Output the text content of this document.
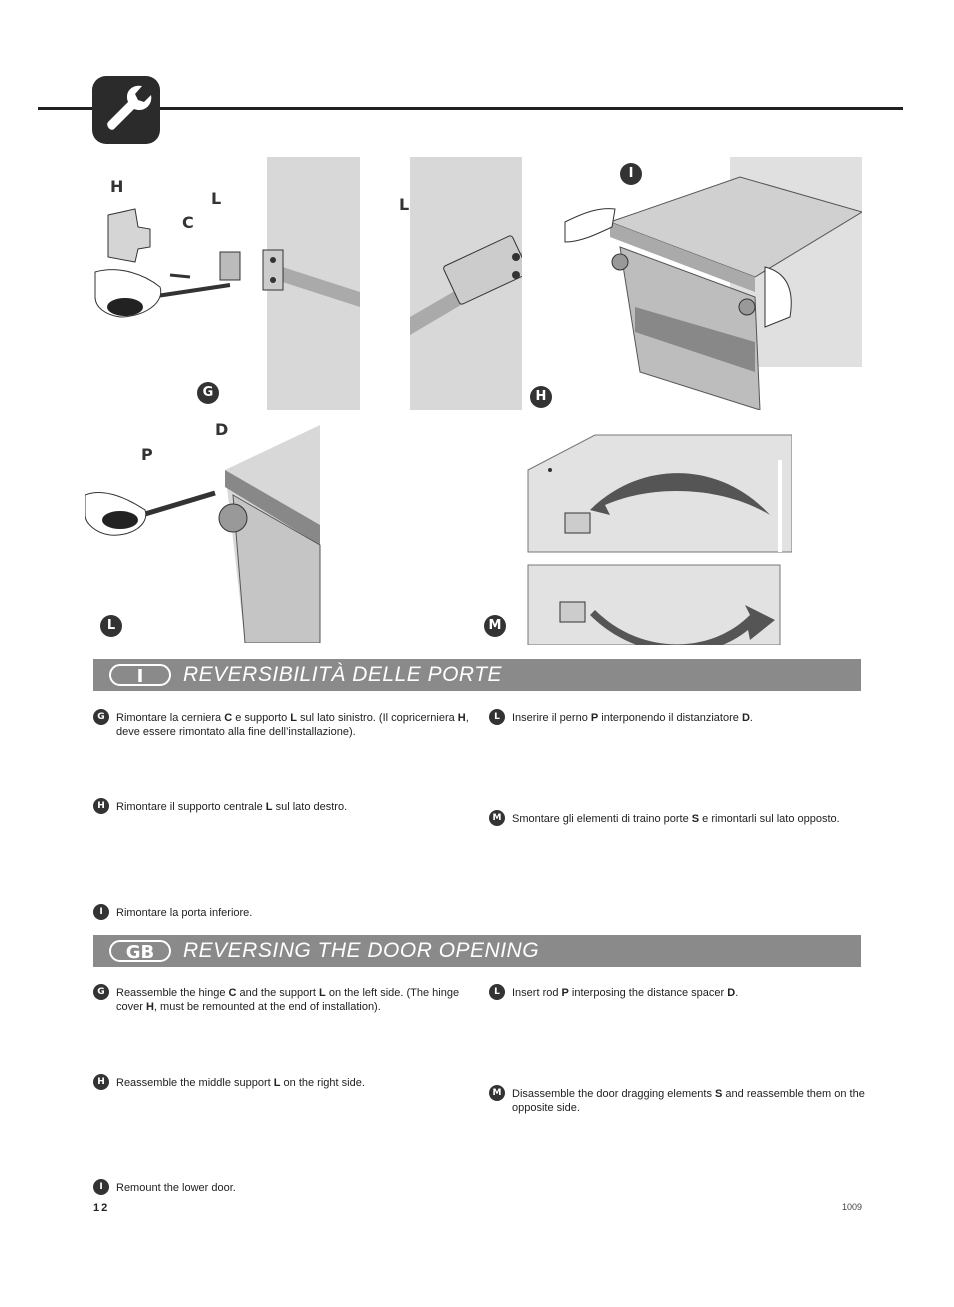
H
C
L
G
L
H
I
D
P
L	M
I	REVERSIBILITÀ DELLE PORTE
G	Rimontare la cerniera C e supporto L sul lato sinistro. (Il copricerniera H, deve essere rimontato alla fine dell’installazione).
H	Rimontare il supporto centrale L sul lato destro.
I	Rimontare la porta inferiore.
L	Inserire il perno P interponendo il distanziatore D.
M Smontare gli elementi di traino porte S e rimontarli sul lato opposto.
GB	REVERSING THE DOOR OPENING
G	Reassemble the hinge C and the support L on the left side. (The hinge cover H, must be remounted at the end of installation).
H	Reassemble the middle support L on the right side.
I	Remount the lower door.
L	Insert rod P interposing the distance spacer D.
M Disassemble the door dragging elements S and reassemble them on the opposite side.
12	1009
